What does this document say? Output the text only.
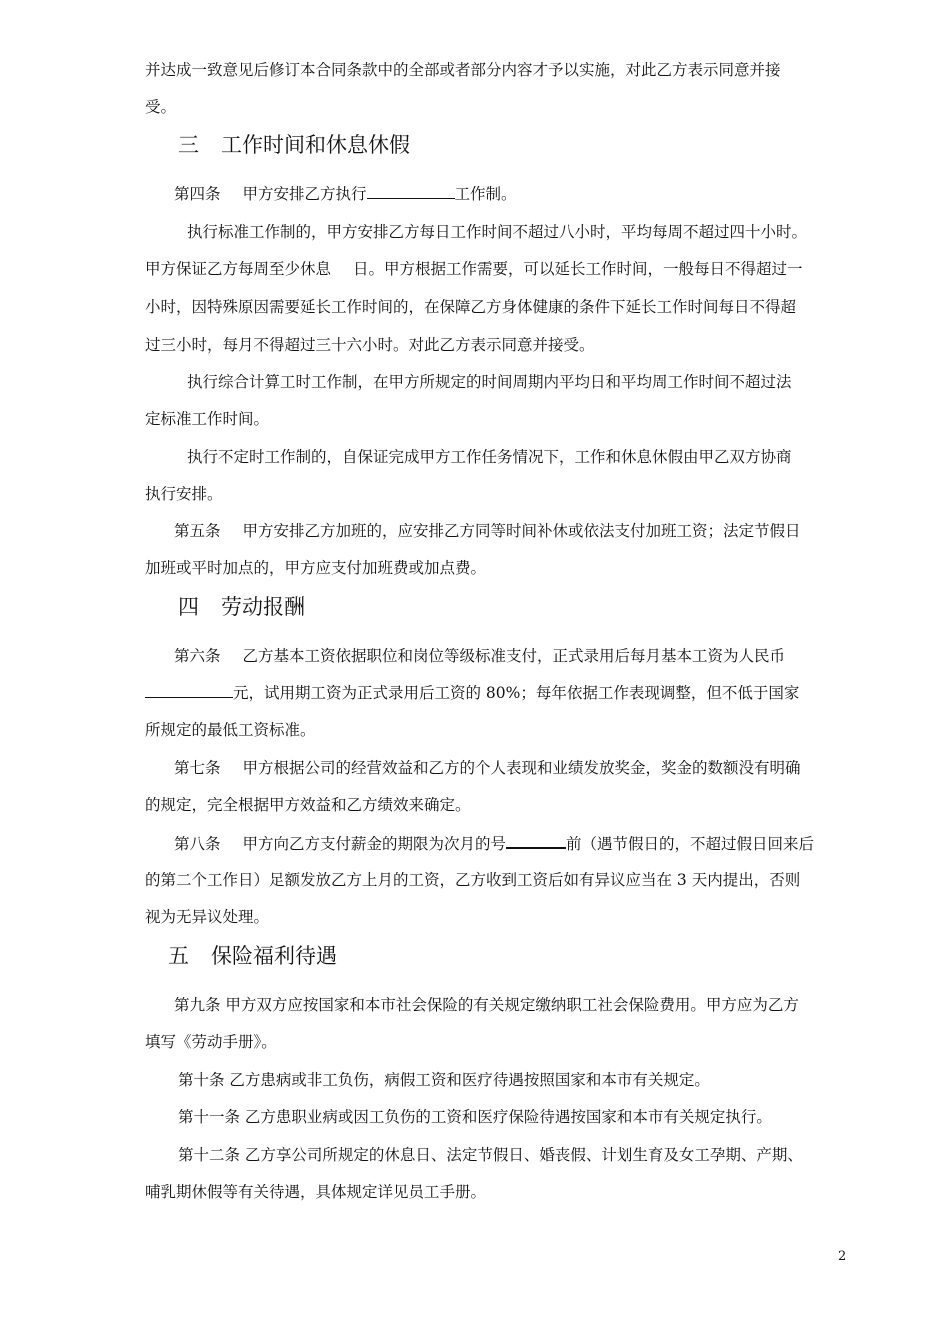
并达成一致意见后修订本合同条款中的全部或者部分内容才予以实施，对此乙方表示同意并接
受。
三 工作时间和休息休假
第四条 甲方安排乙方执行	工作制。
执行标准工作制的，甲方安排乙方每日工作时间不超过八小时，平均每周不超过四十小时。
甲方保证乙方每周至少休息 日。甲方根据工作需要，可以延长工作时间，一般每日不得超过一
小时，因特殊原因需要延长工作时间的，在保障乙方身体健康的条件下延长工作时间每日不得超
过三小时，每月不得超过三十六小时。对此乙方表示同意并接受。
执行综合计算工时工作制，在甲方所规定的时间周期内平均日和平均周工作时间不超过法
定标准工作时间。
执行不定时工作制的，自保证完成甲方工作任务情况下，工作和休息休假由甲乙双方协商
执行安排。
第五条 甲方安排乙方加班的，应安排乙方同等时间补休或依法支付加班工资；法定节假日
加班或平时加点的，甲方应支付加班费或加点费。
四 劳动报酬
第六条 乙方基本工资依据职位和岗位等级标准支付，正式录用后每月基本工资为人民币
元，试用期工资为正式录用后工资的 80%；每年依据工作表现调整，但不低于国家
所规定的最低工资标准。
第七条 甲方根据公司的经营效益和乙方的个人表现和业绩发放奖金，奖金的数额没有明确
的规定，完全根据甲方效益和乙方绩效来确定。
第八条 甲方向乙方支付薪金的期限为次月的号	前（遇节假日的，不超过假日回来后
的第二个工作日）足额发放乙方上月的工资，乙方收到工资后如有异议应当在 3 天内提出，否则
视为无异议处理。
五 保险福利待遇
第九条 甲方双方应按国家和本市社会保险的有关规定缴纳职工社会保险费用。甲方应为乙方
填写《劳动手册》。
第十条 乙方患病或非工负伤，病假工资和医疗待遇按照国家和本市有关规定。
第十一条 乙方患职业病或因工负伤的工资和医疗保险待遇按国家和本市有关规定执行。
第十二条 乙方享公司所规定的休息日、法定节假日、婚丧假、计划生育及女工孕期、产期、
哺乳期休假等有关待遇，具体规定详见员工手册。
2
